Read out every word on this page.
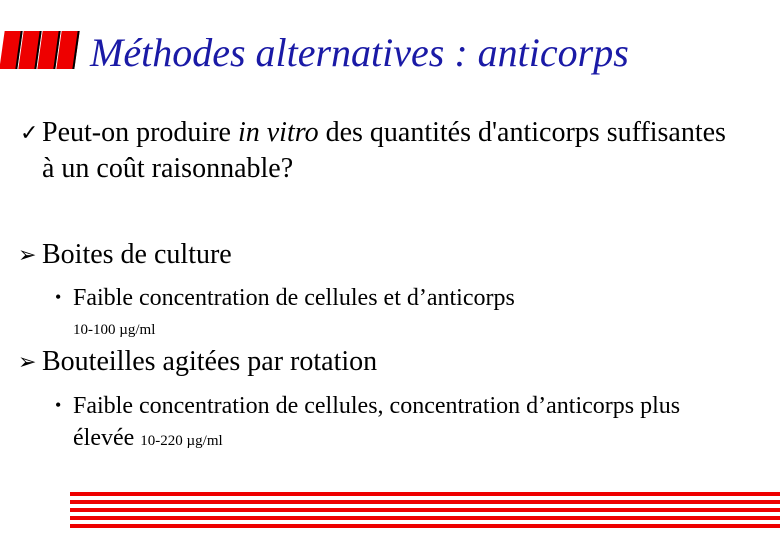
Méthodes alternatives : anticorps
✓ Peut-on produire in vitro des quantités d'anticorps suffisantes à un coût raisonnable?
➢ Boites de culture
• Faible concentration de cellules et d’anticorps
10-100 µg/ml
➢ Bouteilles agitées par rotation
• Faible concentration de cellules, concentration d’anticorps plus élevée 10-220 µg/ml
